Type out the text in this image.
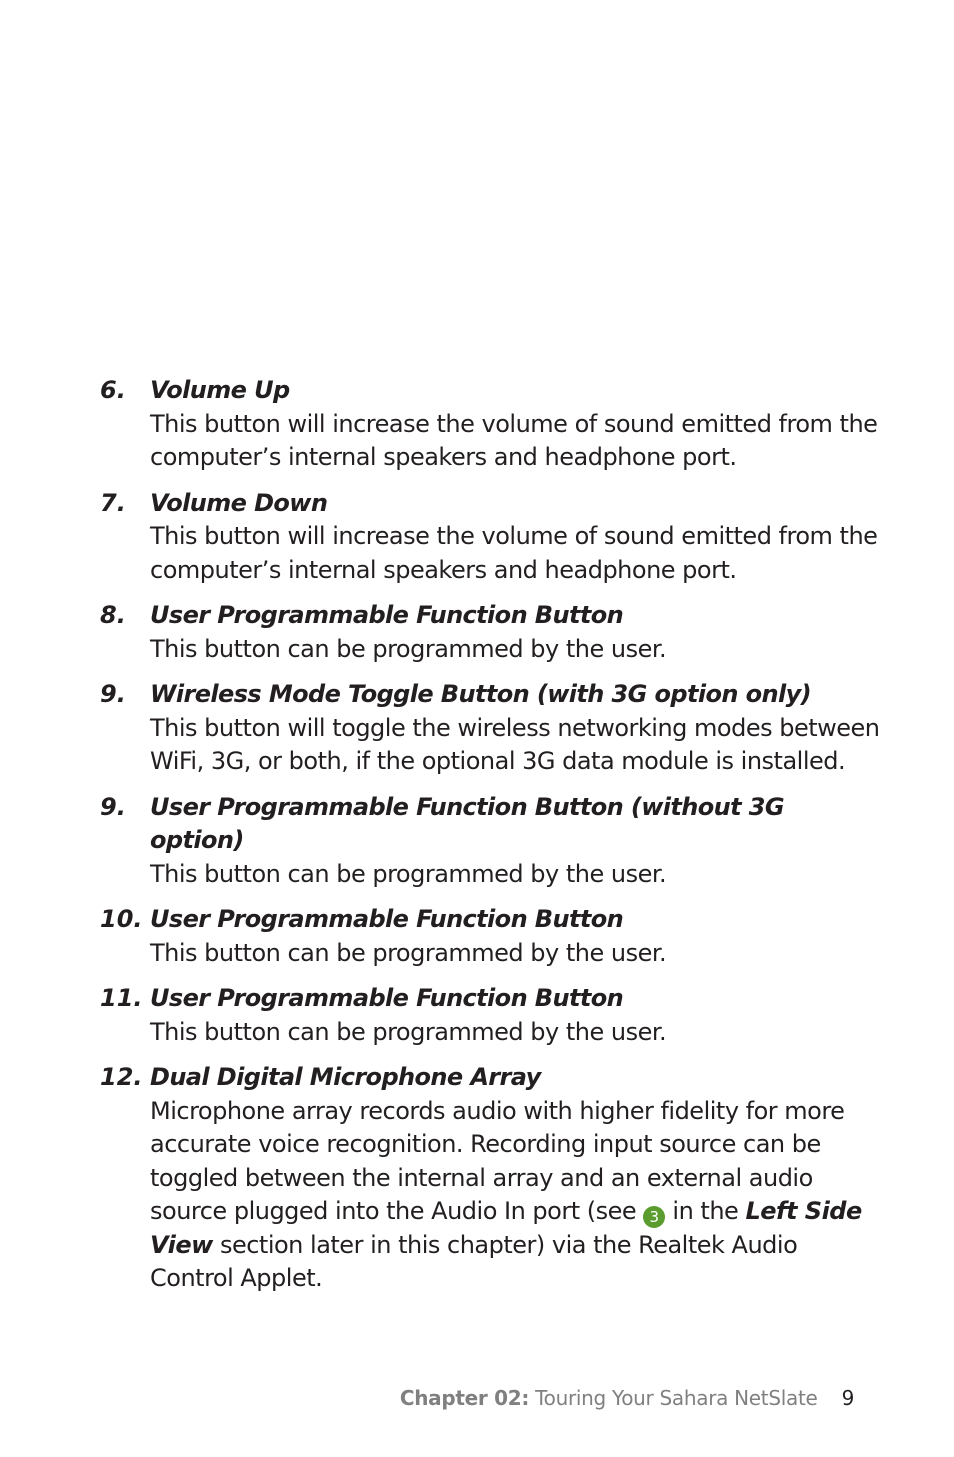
6.	Volume Up
This button will increase the volume of sound emitted from the computer’s internal speakers and headphone port.
7.	Volume Down
This button will increase the volume of sound emitted from the computer’s internal speakers and headphone port.
8.	User Programmable Function Button
This button can be programmed by the user.
9.	Wireless Mode Toggle Button (with 3G option only)
This button will toggle the wireless networking modes between WiFi, 3G, or both, if the optional 3G data module is installed.
9.	User Programmable Function Button (without 3G option)
This button can be programmed by the user.
10. User Programmable Function Button
This button can be programmed by the user.
11. User Programmable Function Button
This button can be programmed by the user.
12. Dual Digital Microphone Array
Microphone array records audio with higher fidelity for more accurate voice recognition. Recording input source can be toggled between the internal array and an external audio source plugged into the Audio In port (see 3 in the Left Side View section later in this chapter) via the Realtek Audio Control Applet.
Chapter 02: Touring Your Sahara NetSlate 9
